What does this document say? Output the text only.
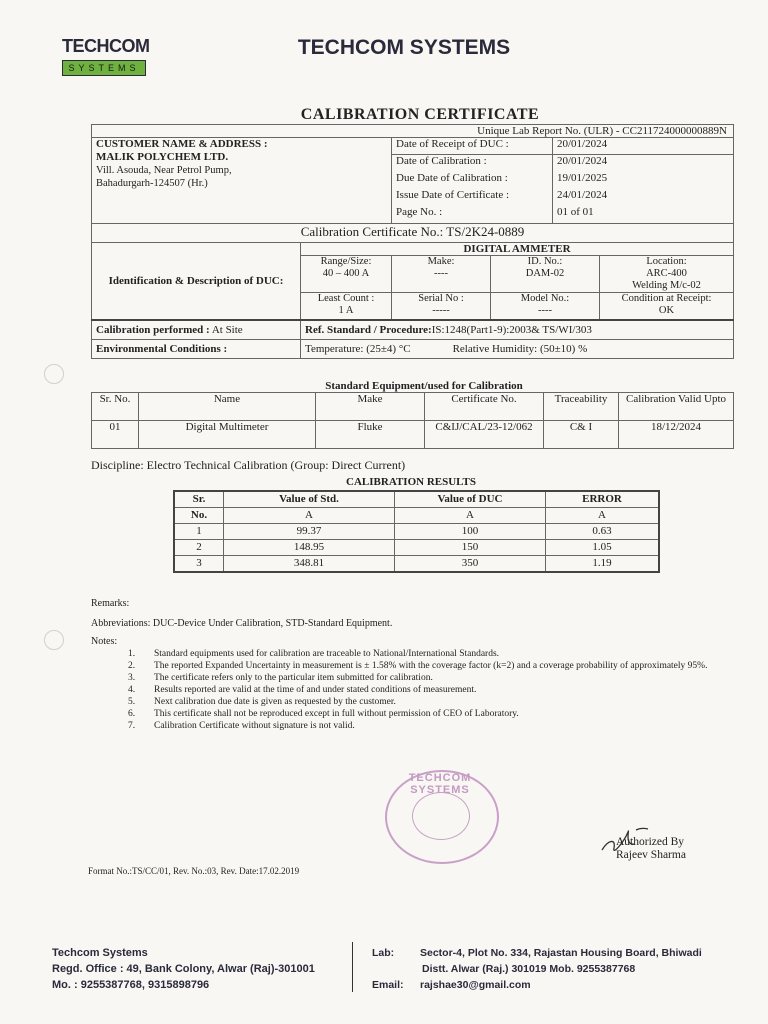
TECHCOM
SYSTEMS
TECHCOM SYSTEMS
CALIBRATION CERTIFICATE
Unique Lab Report No. (ULR) - CC211724000000889N

CUSTOMER NAME & ADDRESS :
MALIK POLYCHEM LTD.
Vill. Asouda, Near Petrol Pump,
Bahadurgarh-124507 (Hr.)

Date of Receipt of DUC :	20/01/2024
Date of Calibration :	20/01/2024
Due Date of Calibration :	19/01/2025
Issue Date of Certificate :	24/01/2024
Page No. :	01 of 01

Calibration Certificate No.: TS/2K24-0889
Identification & Description of DUC:	DIGITAL AMMETER

Range/Size:
40 – 400 A

Make:
----

ID. No.:
DAM-02

Location:
ARC-400
Welding M/c-02

Least Count :
1 A

Serial No :
-----

Model No.:
----

Condition at Receipt:
OK

Calibration performed : At Site	Ref. Standard / Procedure:IS:1248(Part1-9):2003& TS/WI/303
Environmental Conditions :	Temperature: (25±4) °C	Relative Humidity: (50±10) %
Standard Equipment/used for Calibration
Sr. No.	Name	Make	Certificate No.	Traceability	Calibration Valid Upto
01	Digital Multimeter	Fluke	C&IJ/CAL/23-12/062	C& I	18/12/2024
Discipline: Electro Technical Calibration (Group: Direct Current)
CALIBRATION RESULTS
Sr.	Value of Std.	Value of DUC	ERROR
No.	A	A	A
1	99.37	100	0.63
2	148.95	150	1.05
3	348.81	350	1.19
Remarks:
Abbreviations: DUC-Device Under Calibration, STD-Standard Equipment.
Notes:
1.	Standard equipments used for calibration are traceable to National/International Standards.
2.	The reported Expanded Uncertainty in measurement is ± 1.58% with the coverage factor (k=2) and a coverage probability of approximately 95%.
3.	The certificate refers only to the particular item submitted for calibration.
4.	Results reported are valid at the time of and under stated conditions of measurement.
5.	Next calibration due date is given as requested by the customer.
6.	This certificate shall not be reproduced except in full without permission of CEO of Laboratory.
7.	Calibration Certificate without signature is not valid.
TECHCOM SYSTEMS
Authorized By
Rajeev Sharma
Format No.:TS/CC/01, Rev. No.:03, Rev. Date:17.02.2019
Techcom Systems
Regd. Office : 49, Bank Colony, Alwar (Raj)-301001
Mo. : 9255387768, 9315898796
Lab: Sector-4, Plot No. 334, Rajastan Housing Board, Bhiwadi
Distt. Alwar (Raj.) 301019 Mob. 9255387768
Email: rajshae30@gmail.com
